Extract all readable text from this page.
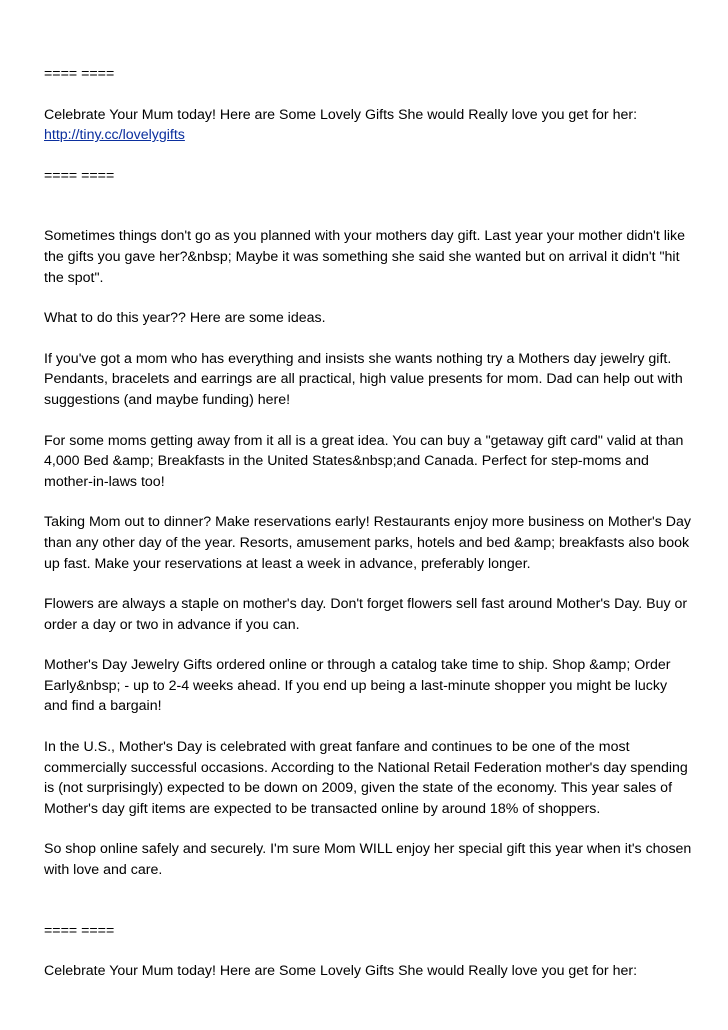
==== ====
Celebrate Your Mum today! Here are Some Lovely Gifts She would Really love you get for her:
http://tiny.cc/lovelygifts
==== ====

Sometimes things don't go as you planned with your mothers day gift. Last year your mother didn't like the gifts you gave her?&nbsp; Maybe it was something she said she wanted but on arrival it didn't "hit the spot".

What to do this year?? Here are some ideas.

If you've got a mom who has everything and insists she wants nothing try a Mothers day jewelry gift. Pendants, bracelets and earrings are all practical, high value presents for mom. Dad can help out with suggestions (and maybe funding) here!

For some moms getting away from it all is a great idea. You can buy a "getaway gift card" valid at than 4,000 Bed &amp; Breakfasts in the United States&nbsp;and Canada. Perfect for step-moms and mother-in-laws too!

Taking Mom out to dinner? Make reservations early! Restaurants enjoy more business on Mother's Day than any other day of the year. Resorts, amusement parks, hotels and bed &amp; breakfasts also book up fast. Make your reservations at least a week in advance, preferably longer.

Flowers are always a staple on mother's day. Don't forget flowers sell fast around Mother's Day. Buy or order a day or two in advance if you can.

Mother's Day Jewelry Gifts ordered online or through a catalog take time to ship. Shop &amp; Order Early&nbsp; - up to 2-4 weeks ahead. If you end up being a last-minute shopper you might be lucky and find a bargain!

In the U.S., Mother's Day is celebrated with great fanfare and continues to be one of the most commercially successful occasions. According to the National Retail Federation mother's day spending is (not surprisingly) expected to be down on 2009, given the state of the economy. This year sales of Mother's day gift items are expected to be transacted online by around 18% of shoppers.

So shop online safely and securely. I'm sure Mom WILL enjoy her special gift this year when it's chosen with love and care.

==== ====
Celebrate Your Mum today! Here are Some Lovely Gifts She would Really love you get for her:
